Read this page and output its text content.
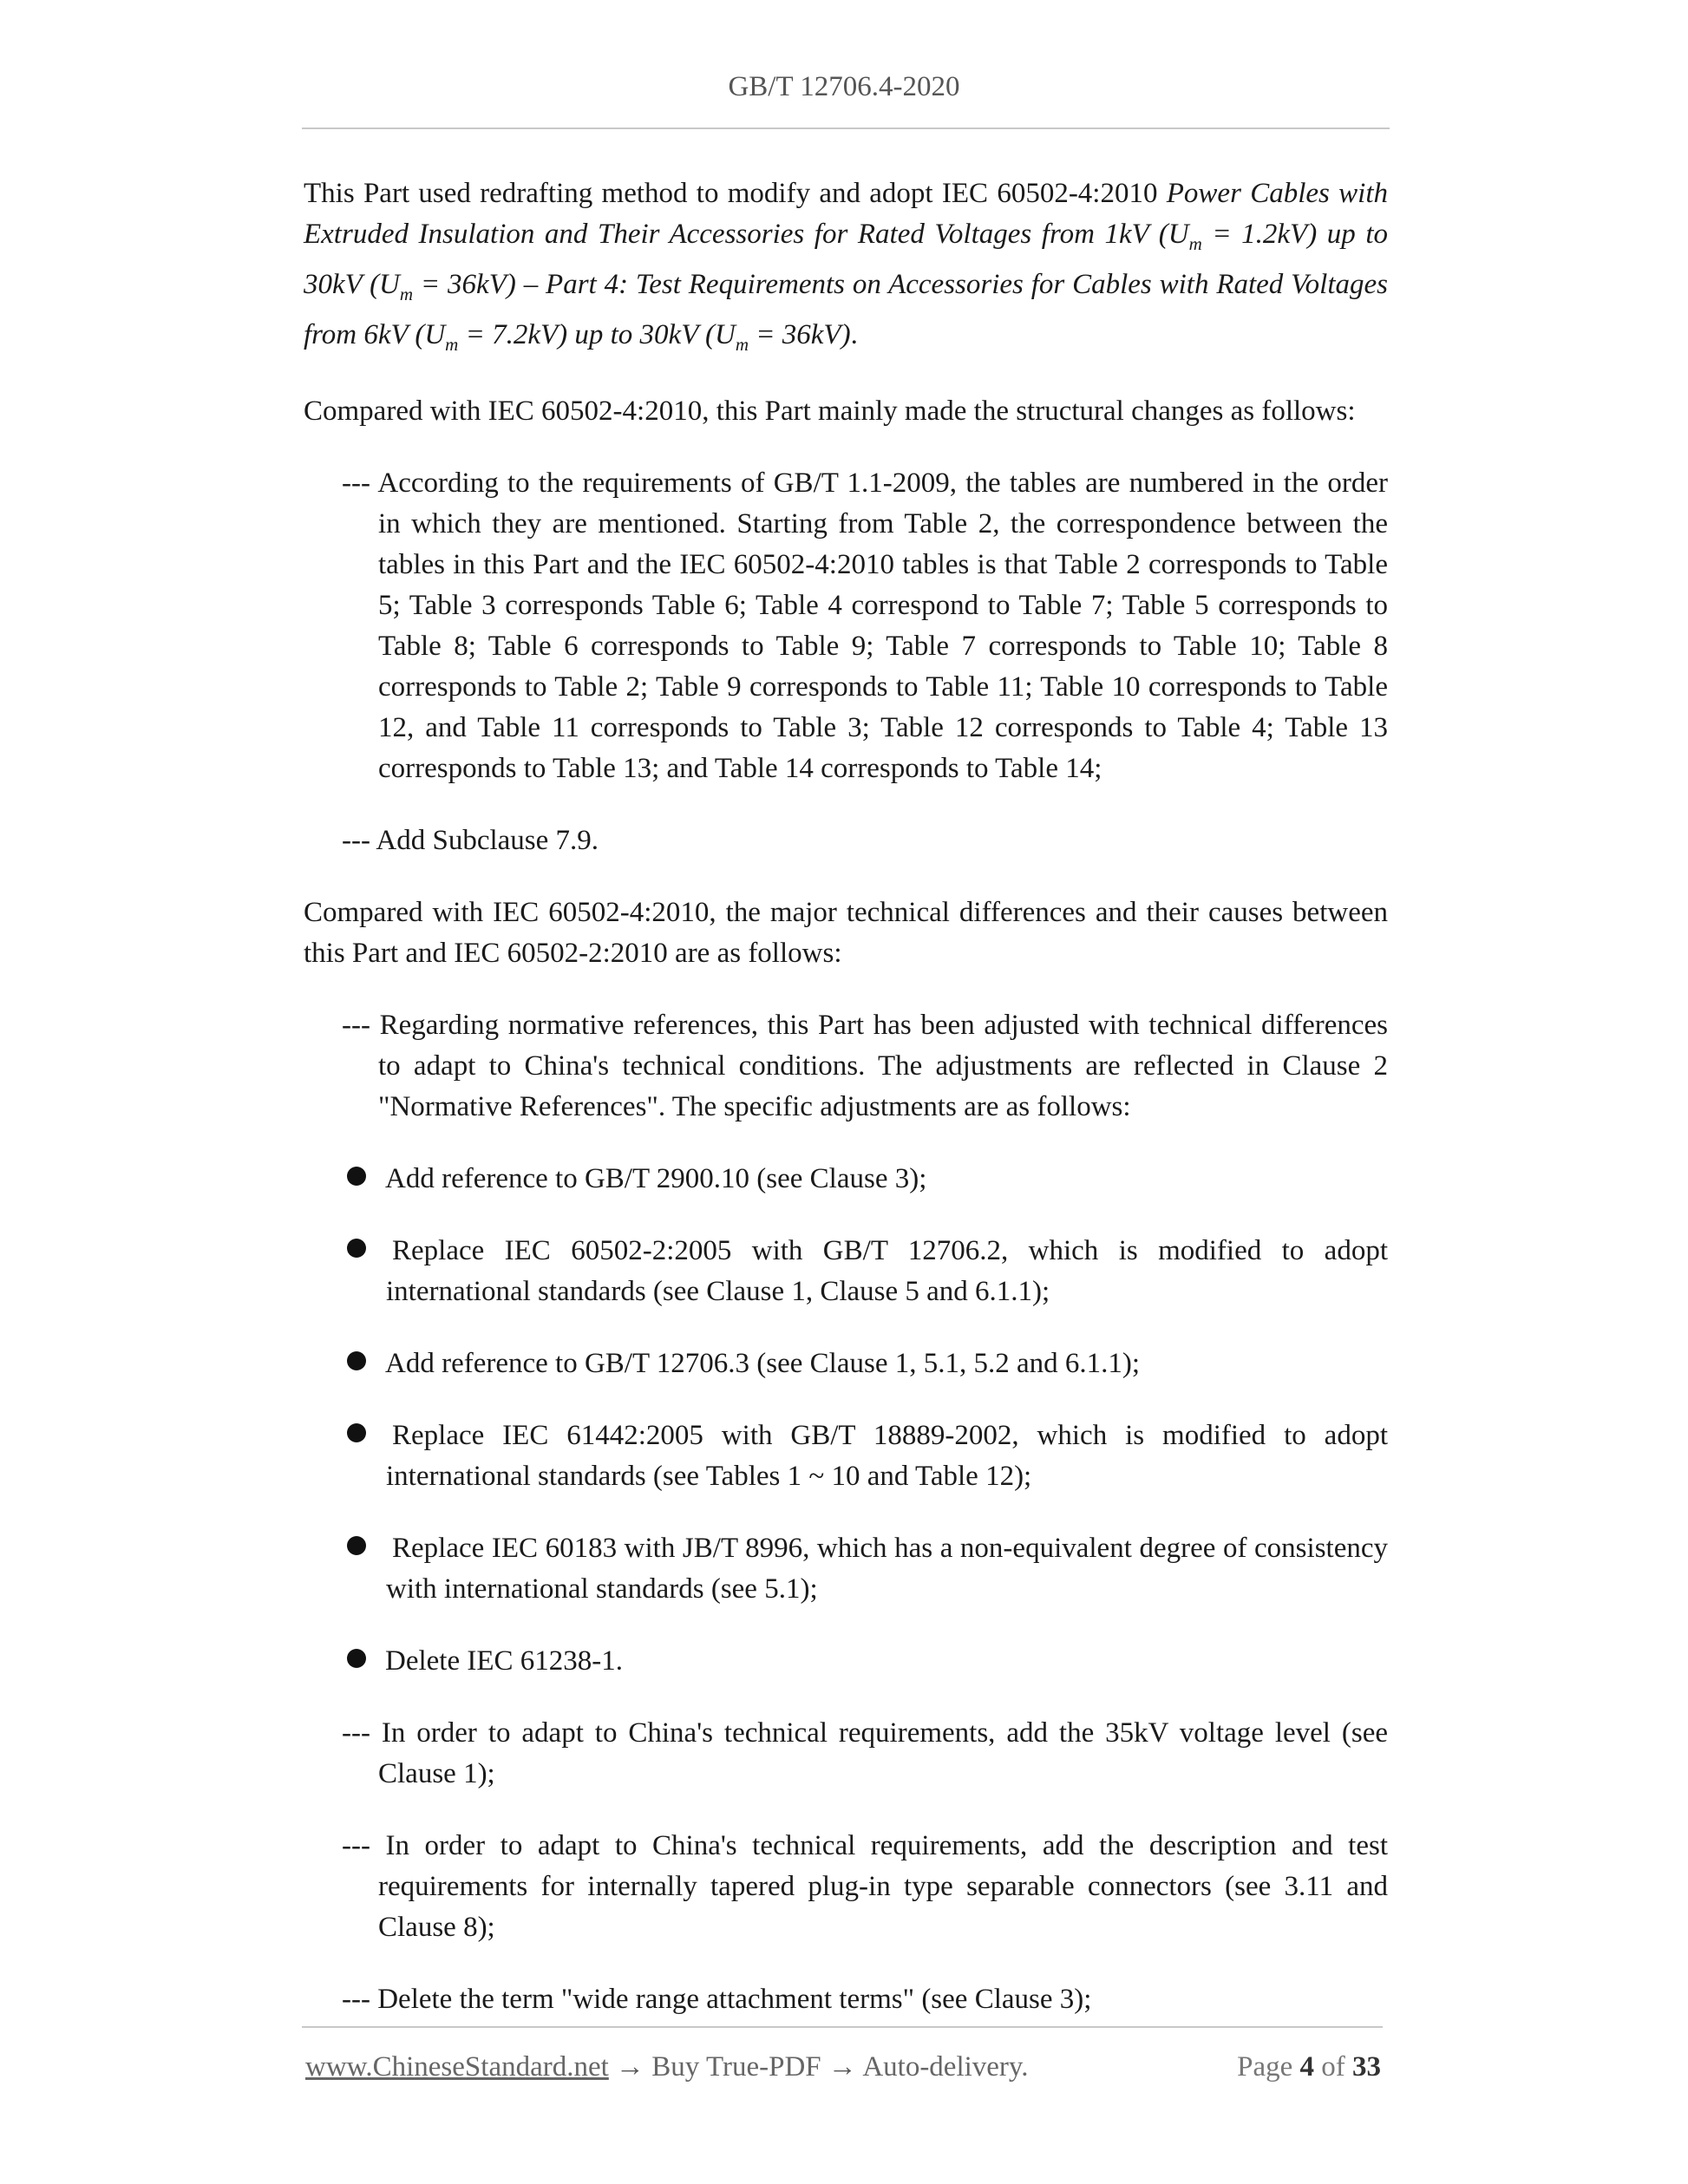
GB/T 12706.4-2020

This Part used redrafting method to modify and adopt IEC 60502-4:2010 Power Cables with Extruded Insulation and Their Accessories for Rated Voltages from 1kV $(U_m = 1.2kV)$ up to 30kV $(U_m = 36kV)$ – Part 4: Test Requirements on Accessories for Cables with Rated Voltages from 6kV $(U_m = 7.2kV)$ up to 30kV $(U_m = 36kV)$.

Compared with IEC 60502-4:2010, this Part mainly made the structural changes as follows:

--- According to the requirements of GB/T 1.1-2009, the tables are numbered in the order in which they are mentioned. Starting from Table 2, the correspondence between the tables in this Part and the IEC 60502-4:2010 tables is that Table 2 corresponds to Table 5; Table 3 corresponds Table 6; Table 4 correspond to Table 7; Table 5 corresponds to Table 8; Table 6 corresponds to Table 9; Table 7 corresponds to Table 10; Table 8 corresponds to Table 2; Table 9 corresponds to Table 11; Table 10 corresponds to Table 12, and Table 11 corresponds to Table 3; Table 12 corresponds to Table 4; Table 13 corresponds to Table 13; and Table 14 corresponds to Table 14;

--- Add Subclause 7.9.

Compared with IEC 60502-4:2010, the major technical differences and their causes between this Part and IEC 60502-2:2010 are as follows:

--- Regarding normative references, this Part has been adjusted with technical differences to adapt to China's technical conditions. The adjustments are reflected in Clause 2 "Normative References". The specific adjustments are as follows:

Add reference to GB/T 2900.10 (see Clause 3);

Replace IEC 60502-2:2005 with GB/T 12706.2, which is modified to adopt international standards (see Clause 1, Clause 5 and 6.1.1);

Add reference to GB/T 12706.3 (see Clause 1, 5.1, 5.2 and 6.1.1);

Replace IEC 61442:2005 with GB/T 18889-2002, which is modified to adopt international standards (see Tables 1 ~ 10 and Table 12);

Replace IEC 60183 with JB/T 8996, which has a non-equivalent degree of consistency with international standards (see 5.1);

Delete IEC 61238-1.

--- In order to adapt to China's technical requirements, add the 35kV voltage level (see Clause 1);

--- In order to adapt to China's technical requirements, add the description and test requirements for internally tapered plug-in type separable connectors (see 3.11 and Clause 8);

--- Delete the term "wide range attachment terms" (see Clause 3);

www.ChineseStandard.net → Buy True-PDF → Auto-delivery.	Page 4 of 33
